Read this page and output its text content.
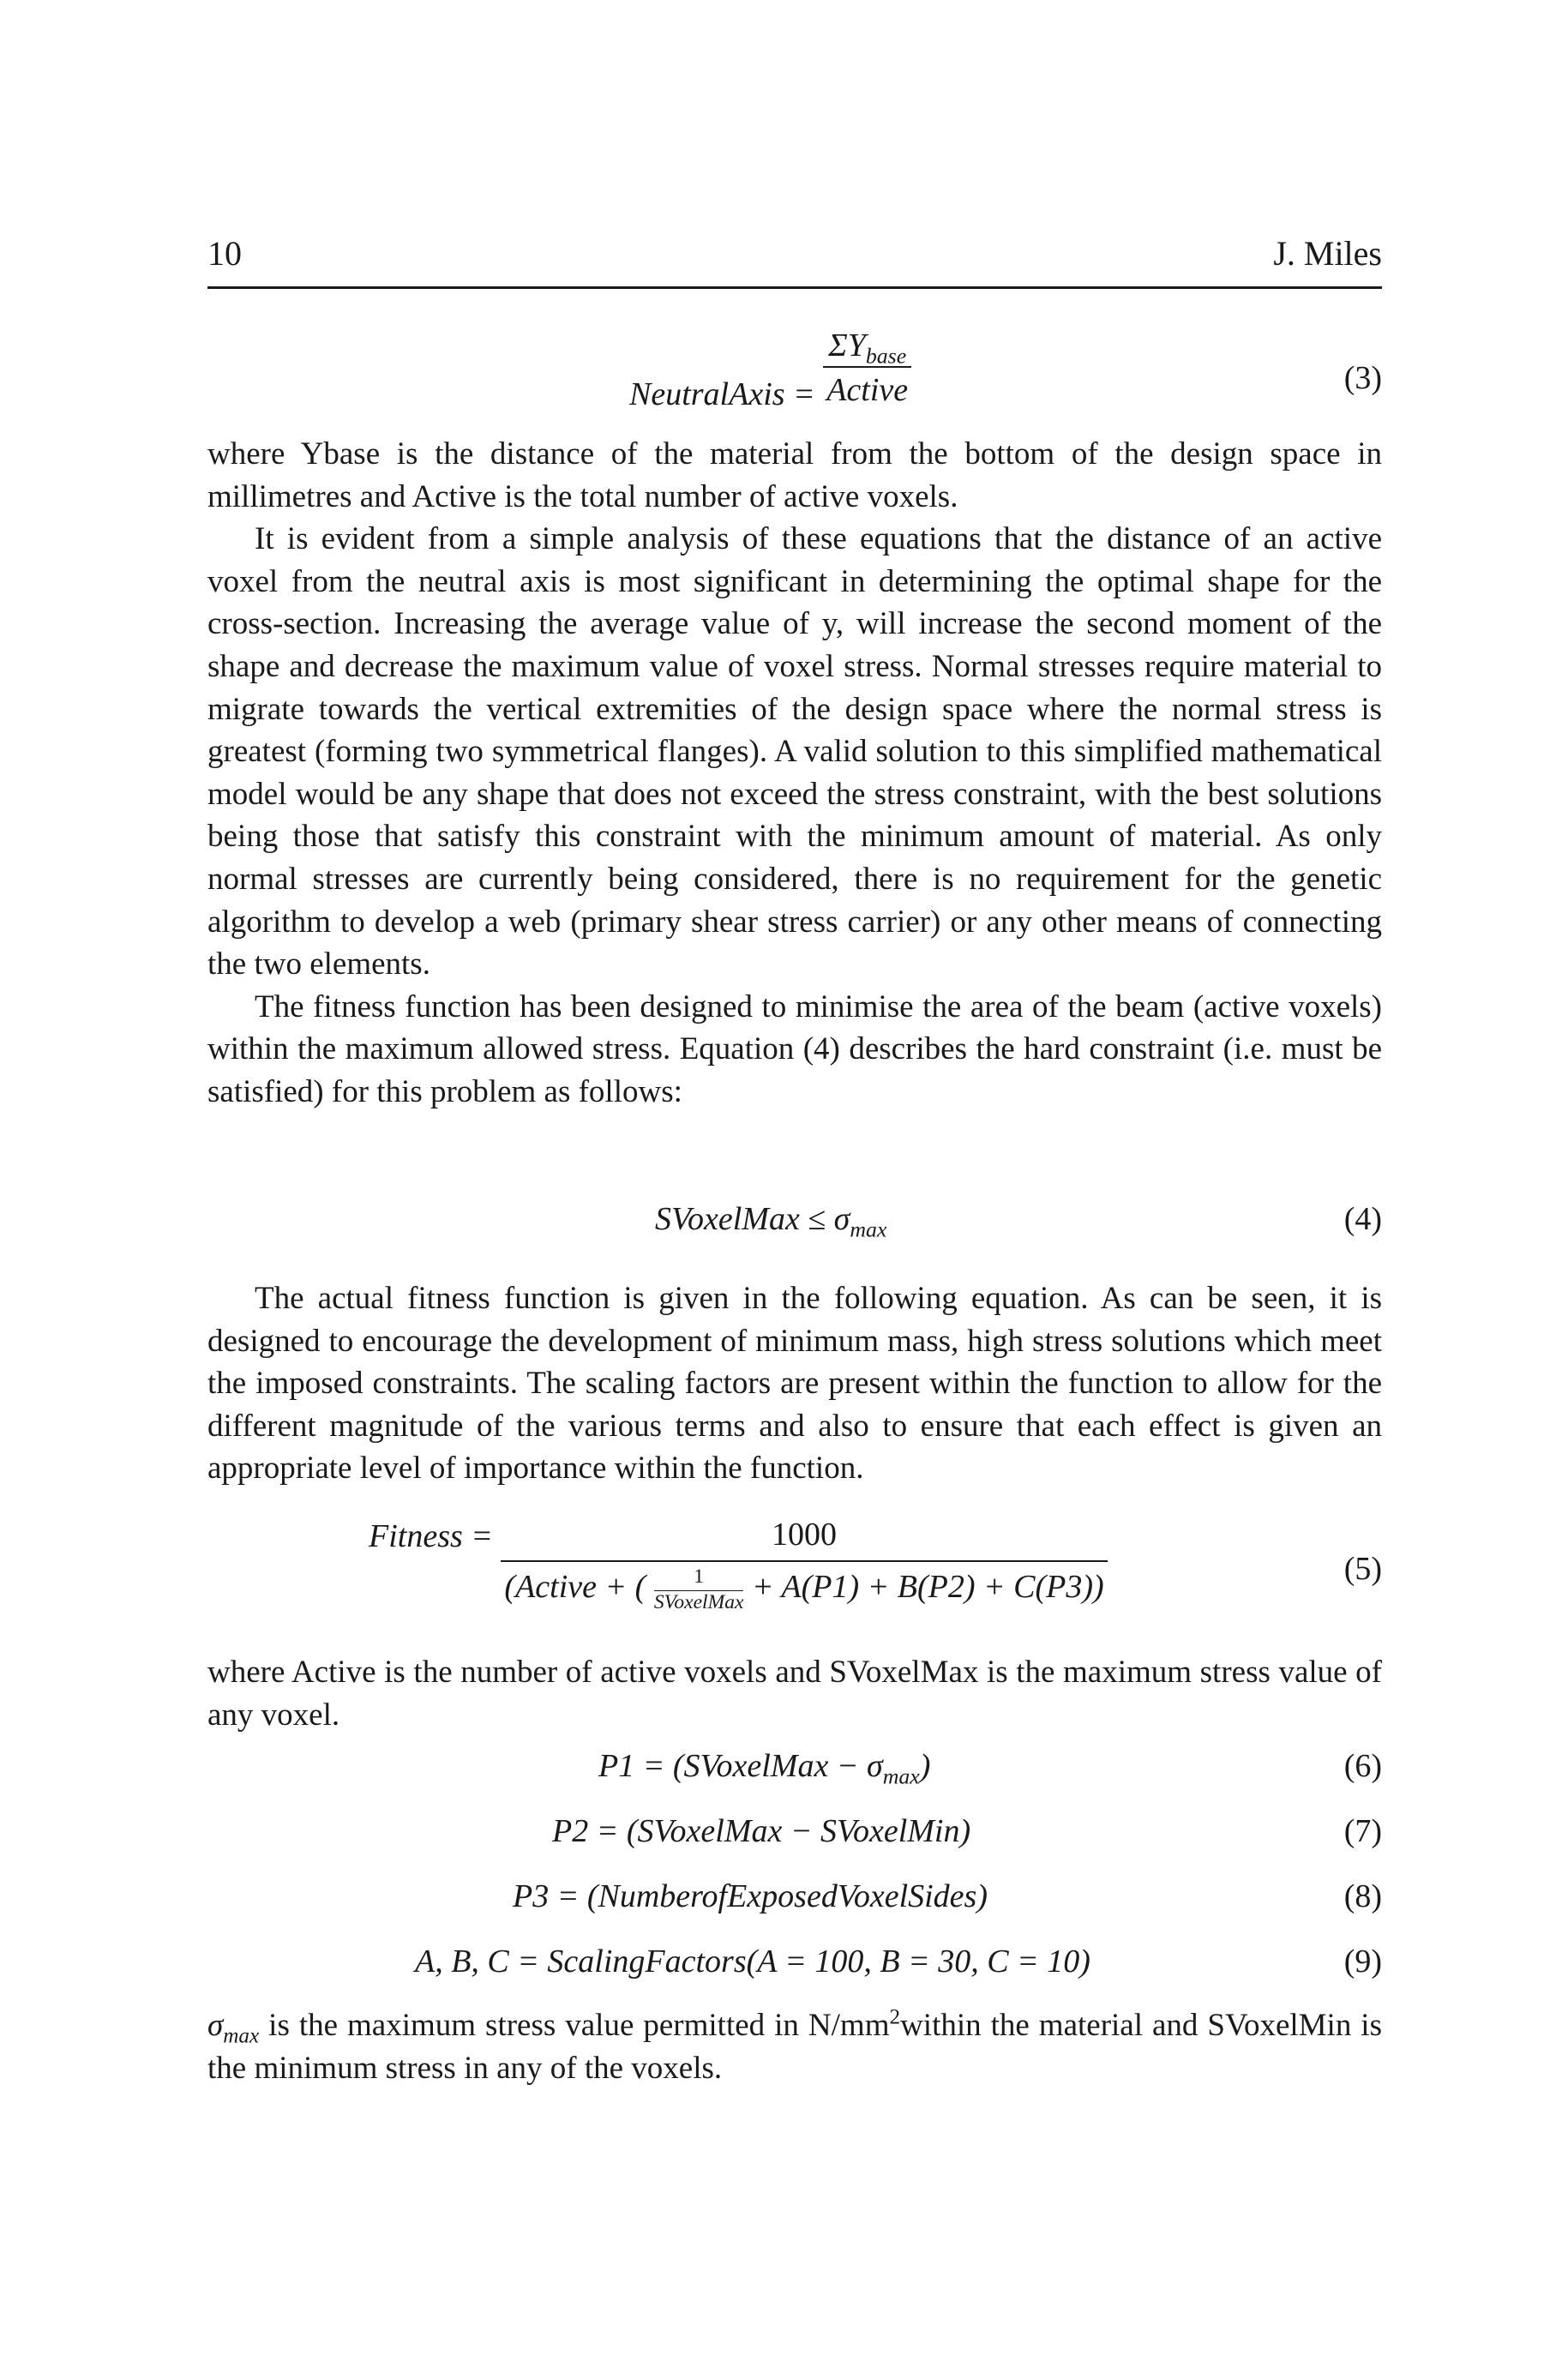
10	J. Miles
NeutralAxis = $\frac{\Sigma Y_{base}}{\text{Active}}$	(3)

where Ybase is the distance of the material from the bottom of the design space in millimetres and Active is the total number of active voxels.

It is evident from a simple analysis of these equations that the distance of an active voxel from the neutral axis is most significant in determining the optimal shape for the cross-section. Increasing the average value of y, will increase the second moment of the shape and decrease the maximum value of voxel stress. Normal stresses require material to migrate towards the vertical extremities of the design space where the normal stress is greatest (forming two symmetrical flanges). A valid solution to this simplified mathematical model would be any shape that does not exceed the stress constraint, with the best solutions being those that satisfy this constraint with the minimum amount of material. As only normal stresses are currently being considered, there is no requirement for the genetic algorithm to develop a web (primary shear stress carrier) or any other means of connecting the two elements.

The fitness function has been designed to minimise the area of the beam (active voxels) within the maximum allowed stress. Equation (4) describes the hard constraint (i.e. must be satisfied) for this problem as follows:

SVoxelMax ≤ $\sigma_{max}$	(4)

The actual fitness function is given in the following equation. As can be seen, it is designed to encourage the development of minimum mass, high stress solutions which meet the imposed constraints. The scaling factors are present within the function to allow for the different magnitude of the various terms and also to ensure that each effect is given an appropriate level of importance within the function.

Fitness =	1000
(Active + ( $\frac{1}{\text{SVoxelMax}} + A(P1) + B(P2) + C(P3)$)
(5)

where Active is the number of active voxels and SVoxelMax is the maximum stress value of any voxel.

P1 = (SVoxelMax − $\sigma_{max}$)	(6)
P2 = (SVoxelMax − SVoxelMin)	(7)
P3 = (NumberofExposedVoxelSides)	(8)
A, B, C = ScalingFactors(A = 100, B = 30, C = 10)	(9)

$\sigma_{max}$ is the maximum stress value permitted in $N/mm^2within$ the material and SVoxelMin is the minimum stress in any of the voxels.
